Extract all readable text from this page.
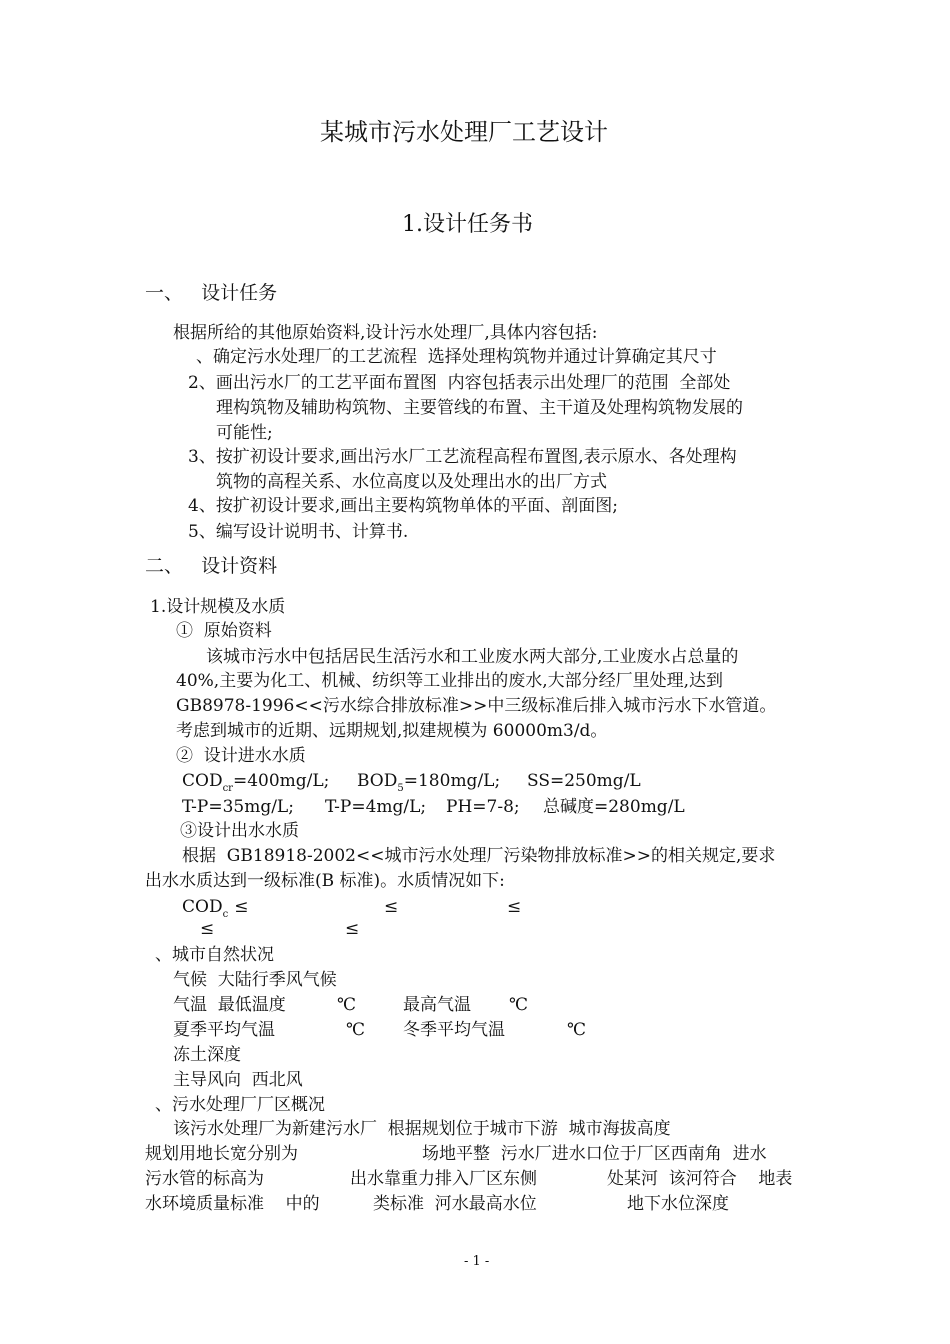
某城市污水处理厂工艺设计
1.设计任务书
一、   设计任务
根据所给的其他原始资料,设计污水处理厂,具体内容包括:
、确定污水处理厂的工艺流程  选择处理构筑物并通过计算确定其尺寸
2、画出污水厂的工艺平面布置图  内容包括表示出处理厂的范围  全部处
理构筑物及辅助构筑物、主要管线的布置、主干道及处理构筑物发展的
可能性;
3、按扩初设计要求,画出污水厂工艺流程高程布置图,表示原水、各处理构
筑物的高程关系、水位高度以及处理出水的出厂方式
4、按扩初设计要求,画出主要构筑物单体的平面、剖面图;
5、编写设计说明书、计算书.
二、   设计资料
1.设计规模及水质
①  原始资料
该城市污水中包括居民生活污水和工业废水两大部分,工业废水占总量的
40%,主要为化工、机械、纺织等工业排出的废水,大部分经厂里处理,达到
GB8978-1996<<污水综合排放标准>>中三级标准后排入城市污水下水管道。
考虑到城市的近期、远期规划,拟建规模为 60000m3/d。
②  设计进水水质
$COD_{cr}=400mg/L$; $BOD_5=180mg/L$; SS=250mg/L
T-P=35mg/L; T-P=4mg/L; PH=7-8; 总碱度=280mg/L
③设计出水水质
根据  GB18918-2002<<城市污水处理厂污染物排放标准>>的相关规定,要求
出水水质达到一级标准(B 标准)。水质情况如下:
$COD_c$ ≤	≤	≤
≤	≤
、城市自然状况
气候  大陆行季风气候
气温  最低温度	℃	最高气温 ℃
夏季平均气温	℃ 冬季平均气温	℃
冻土深度
主导风向  西北风
、污水处理厂厂区概况
该污水处理厂为新建污水厂  根据规划位于城市下游  城市海拔高度
规划用地长宽分别为	场地平整  污水厂进水口位于厂区西南角  进水
污水管的标高为	出水靠重力排入厂区东侧	处某河  该河符合    地表
水环境质量标准    中的	类标准  河水最高水位	地下水位深度
- 1 -
